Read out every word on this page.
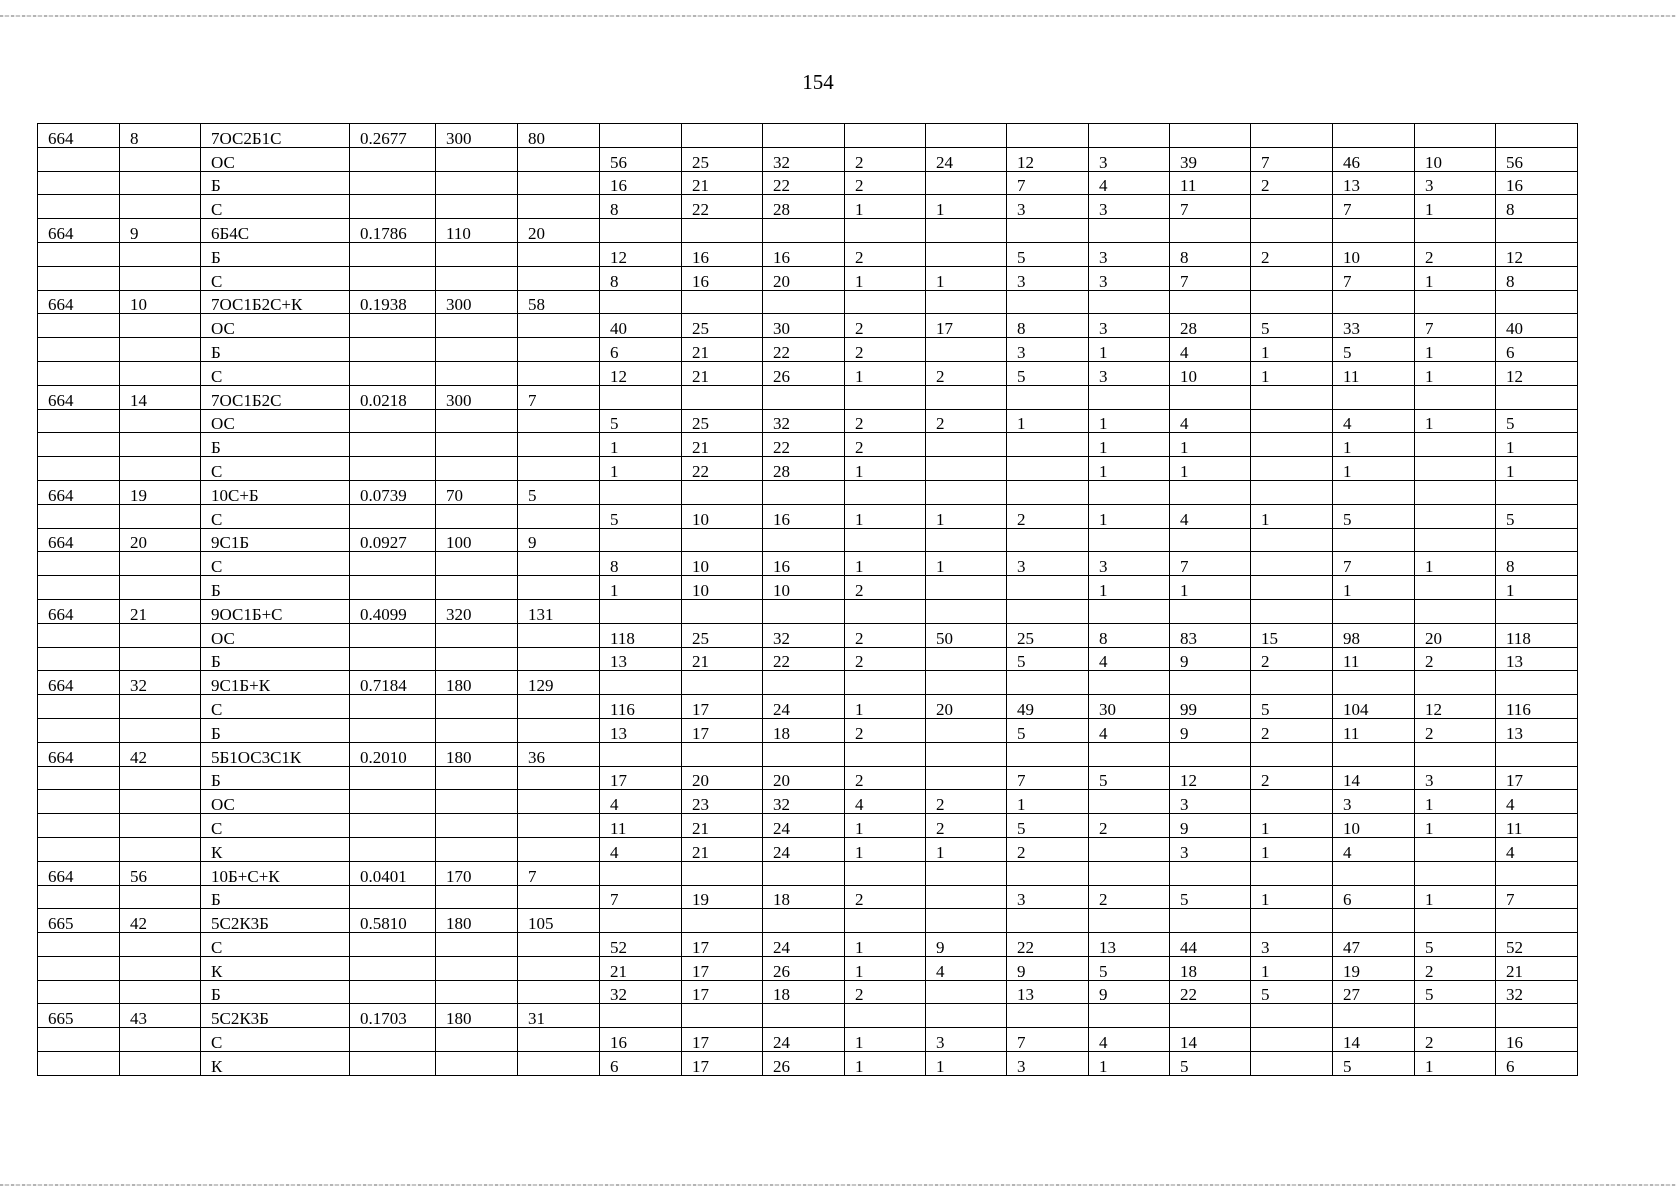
154
664	8	7ОС2Б1С	0.2677	300	80												
		ОС				56	25	32	2	24	12	3	39	7	46	10	56
		Б				16	21	22	2		7	4	11	2	13	3	16
		С				8	22	28	1	1	3	3	7		7	1	8
664	9	6Б4С	0.1786	110	20												
		Б				12	16	16	2		5	3	8	2	10	2	12
		С				8	16	20	1	1	3	3	7		7	1	8
664	10	7ОС1Б2С+К	0.1938	300	58												
		ОС				40	25	30	2	17	8	3	28	5	33	7	40
		Б				6	21	22	2		3	1	4	1	5	1	6
		С				12	21	26	1	2	5	3	10	1	11	1	12
664	14	7ОС1Б2С	0.0218	300	7												
		ОС				5	25	32	2	2	1	1	4		4	1	5
		Б				1	21	22	2			1	1		1		1
		С				1	22	28	1			1	1		1		1
664	19	10С+Б	0.0739	70	5												
		С				5	10	16	1	1	2	1	4	1	5		5
664	20	9С1Б	0.0927	100	9												
		С				8	10	16	1	1	3	3	7		7	1	8
		Б				1	10	10	2			1	1		1		1
664	21	9ОС1Б+С	0.4099	320	131												
		ОС				118	25	32	2	50	25	8	83	15	98	20	118
		Б				13	21	22	2		5	4	9	2	11	2	13
664	32	9С1Б+К	0.7184	180	129												
		С				116	17	24	1	20	49	30	99	5	104	12	116
		Б				13	17	18	2		5	4	9	2	11	2	13
664	42	5Б1ОС3С1К	0.2010	180	36												
		Б				17	20	20	2		7	5	12	2	14	3	17
		ОС				4	23	32	4	2	1		3		3	1	4
		С				11	21	24	1	2	5	2	9	1	10	1	11
		К				4	21	24	1	1	2		3	1	4		4
664	56	10Б+С+К	0.0401	170	7												
		Б				7	19	18	2		3	2	5	1	6	1	7
665	42	5С2К3Б	0.5810	180	105												
		С				52	17	24	1	9	22	13	44	3	47	5	52
		К				21	17	26	1	4	9	5	18	1	19	2	21
		Б				32	17	18	2		13	9	22	5	27	5	32
665	43	5С2К3Б	0.1703	180	31												
		С				16	17	24	1	3	7	4	14		14	2	16
		К				6	17	26	1	1	3	1	5		5	1	6
